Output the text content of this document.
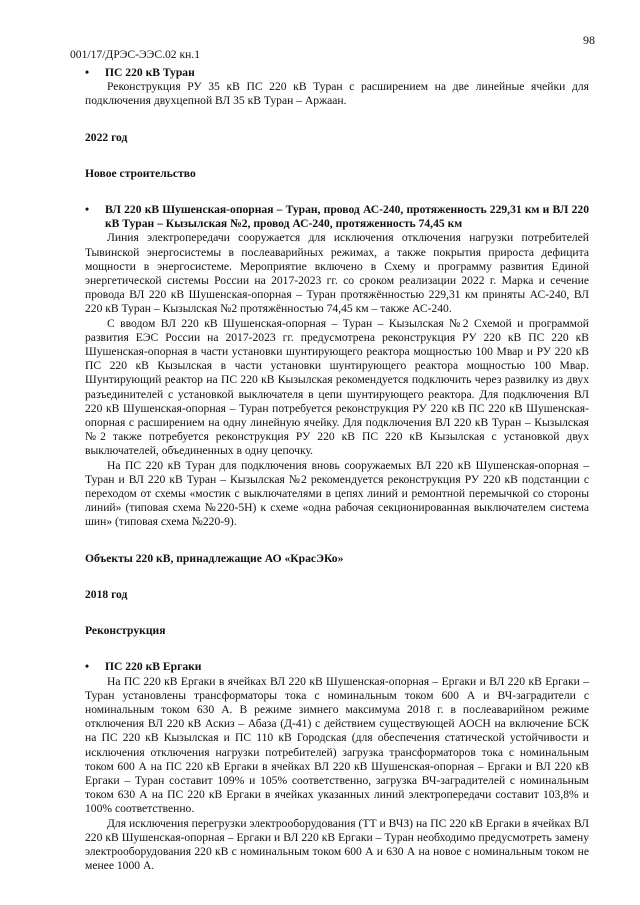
98
001/17/ДРЭС-ЭЭС.02 кн.1
• ПС 220 кВ Туран

Реконструкция РУ 35 кВ ПС 220 кВ Туран с расширением на две линейные ячейки для подключения двухцепной ВЛ 35 кВ Туран – Аржаан.

2022 год
Новое строительство
• ВЛ 220 кВ Шушенская-опорная – Туран, провод АС-240, протяженность 229,31 км и ВЛ 220 кВ Туран – Кызылская №2, провод АС-240, протяженность 74,45 км

Линия электропередачи сооружается для исключения отключения нагрузки потребителей Тывинской энергосистемы в послеаварийных режимах, а также покрытия прироста дефицита мощности в энергосистеме. Мероприятие включено в Схему и программу развития Единой энергетической системы России на 2017-2023 гг. со сроком реализации 2022 г. Марка и сечение провода ВЛ 220 кВ Шушенская-опорная – Туран протяжённостью 229,31 км приняты АС-240, ВЛ 220 кВ Туран – Кызылская №2 протяжённостью 74,45 км – также АС-240.

С вводом ВЛ 220 кВ Шушенская-опорная – Туран – Кызылская №2 Схемой и программой развития ЕЭС России на 2017-2023 гг. предусмотрена реконструкция РУ 220 кВ ПС 220 кВ Шушенская-опорная в части установки шунтирующего реактора мощностью 100 Мвар и РУ 220 кВ ПС 220 кВ Кызылская в части установки шунтирующего реактора мощностью 100 Мвар. Шунтирующий реактор на ПС 220 кВ Кызылская рекомендуется подключить через развилку из двух разъединителей с установкой выключателя в цепи шунтирующего реактора. Для подключения ВЛ 220 кВ Шушенская-опорная – Туран потребуется реконструкция РУ 220 кВ ПС 220 кВ Шушенская-опорная с расширением на одну линейную ячейку. Для подключения ВЛ 220 кВ Туран – Кызылская №2 также потребуется реконструкция РУ 220 кВ ПС 220 кВ Кызылская с установкой двух выключателей, объединенных в одну цепочку.

На ПС 220 кВ Туран для подключения вновь сооружаемых ВЛ 220 кВ Шушенская-опорная – Туран и ВЛ 220 кВ Туран – Кызылская №2 рекомендуется реконструкция РУ 220 кВ подстанции с переходом от схемы «мостик с выключателями в цепях линий и ремонтной перемычкой со стороны линий» (типовая схема №220-5Н) к схеме «одна рабочая секционированная выключателем система шин» (типовая схема №220-9).

Объекты 220 кВ, принадлежащие АО «КрасЭКо»
2018 год
Реконструкция
• ПС 220 кВ Ергаки

На ПС 220 кВ Ергаки в ячейках ВЛ 220 кВ Шушенская-опорная – Ергаки и ВЛ 220 кВ Ергаки – Туран установлены трансформаторы тока с номинальным током 600 А и ВЧ-заградители с номинальным током 630 А. В режиме зимнего максимума 2018 г. в послеаварийном режиме отключения ВЛ 220 кВ Аскиз – Абаза (Д-41) с действием существующей АОСН на включение БСК на ПС 220 кВ Кызылская и ПС 110 кВ Городская (для обеспечения статической устойчивости и исключения отключения нагрузки потребителей) загрузка трансформаторов тока с номинальным током 600 А на ПС 220 кВ Ергаки в ячейках ВЛ 220 кВ Шушенская-опорная – Ергаки и ВЛ 220 кВ Ергаки – Туран составит 109% и 105% соответственно, загрузка ВЧ-заградителей с номинальным током 630 А на ПС 220 кВ Ергаки в ячейках указанных линий электропередачи составит 103,8% и 100% соответственно.

Для исключения перегрузки электрооборудования (ТТ и ВЧЗ) на ПС 220 кВ Ергаки в ячейках ВЛ 220 кВ Шушенская-опорная – Ергаки и ВЛ 220 кВ Ергаки – Туран необходимо предусмотреть замену электрооборудования 220 кВ с номинальным током 600 А и 630 А на новое с номинальным током не менее 1000 А.
